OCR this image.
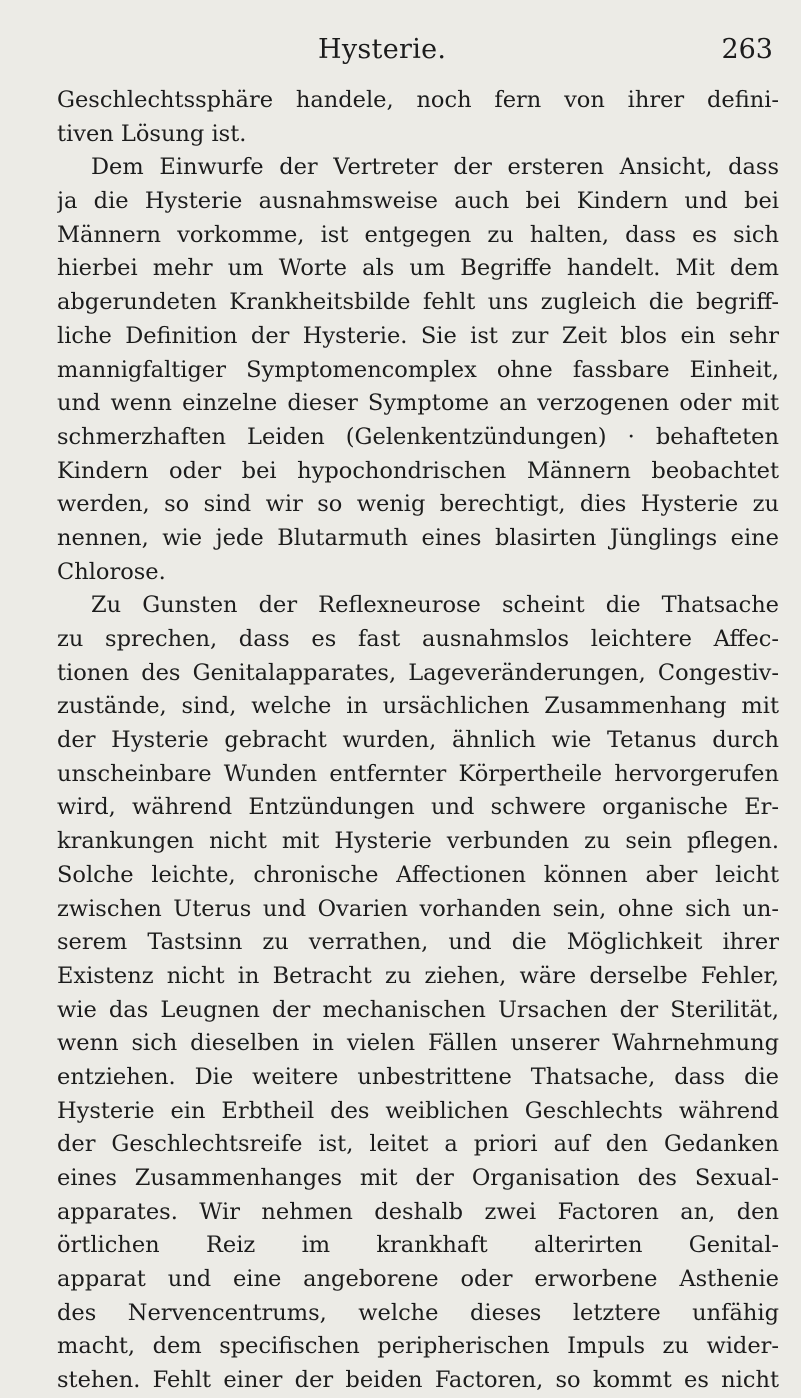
Hysterie.	263
Geschlechtssphäre handele, noch fern von ihrer defini-
tiven Lösung ist.
Dem Einwurfe der Vertreter der ersteren Ansicht, dass
ja die Hysterie ausnahmsweise auch bei Kindern und bei
Männern vorkomme, ist entgegen zu halten, dass es sich
hierbei mehr um Worte als um Begriffe handelt. Mit dem
abgerundeten Krankheitsbilde fehlt uns zugleich die begriff-
liche Definition der Hysterie. Sie ist zur Zeit blos ein sehr
mannigfaltiger Symptomencomplex ohne fassbare Einheit,
und wenn einzelne dieser Symptome an verzogenen oder mit
schmerzhaften Leiden (Gelenkentzündungen) · behafteten
Kindern oder bei hypochondrischen Männern beobachtet
werden, so sind wir so wenig berechtigt, dies Hysterie zu
nennen, wie jede Blutarmuth eines blasirten Jünglings eine
Chlorose.
Zu Gunsten der Reflexneurose scheint die Thatsache
zu sprechen, dass es fast ausnahmslos leichtere Affec-
tionen des Genitalapparates, Lageveränderungen, Congestiv-
zustände, sind, welche in ursächlichen Zusammenhang mit
der Hysterie gebracht wurden, ähnlich wie Tetanus durch
unscheinbare Wunden entfernter Körpertheile hervorgerufen
wird, während Entzündungen und schwere organische Er-
krankungen nicht mit Hysterie verbunden zu sein pflegen.
Solche leichte, chronische Affectionen können aber leicht
zwischen Uterus und Ovarien vorhanden sein, ohne sich un-
serem Tastsinn zu verrathen, und die Möglichkeit ihrer
Existenz nicht in Betracht zu ziehen, wäre derselbe Fehler,
wie das Leugnen der mechanischen Ursachen der Sterilität,
wenn sich dieselben in vielen Fällen unserer Wahrnehmung
entziehen. Die weitere unbestrittene Thatsache, dass die
Hysterie ein Erbtheil des weiblichen Geschlechts während
der Geschlechtsreife ist, leitet a priori auf den Gedanken
eines Zusammenhanges mit der Organisation des Sexual-
apparates. Wir nehmen deshalb zwei Factoren an, den
örtlichen Reiz im krankhaft alterirten Genital-
apparat und eine angeborene oder erworbene Asthenie
des Nervencentrums, welche dieses letztere unfähig
macht, dem specifischen peripherischen Impuls zu wider-
stehen. Fehlt einer der beiden Factoren, so kommt es nicht
